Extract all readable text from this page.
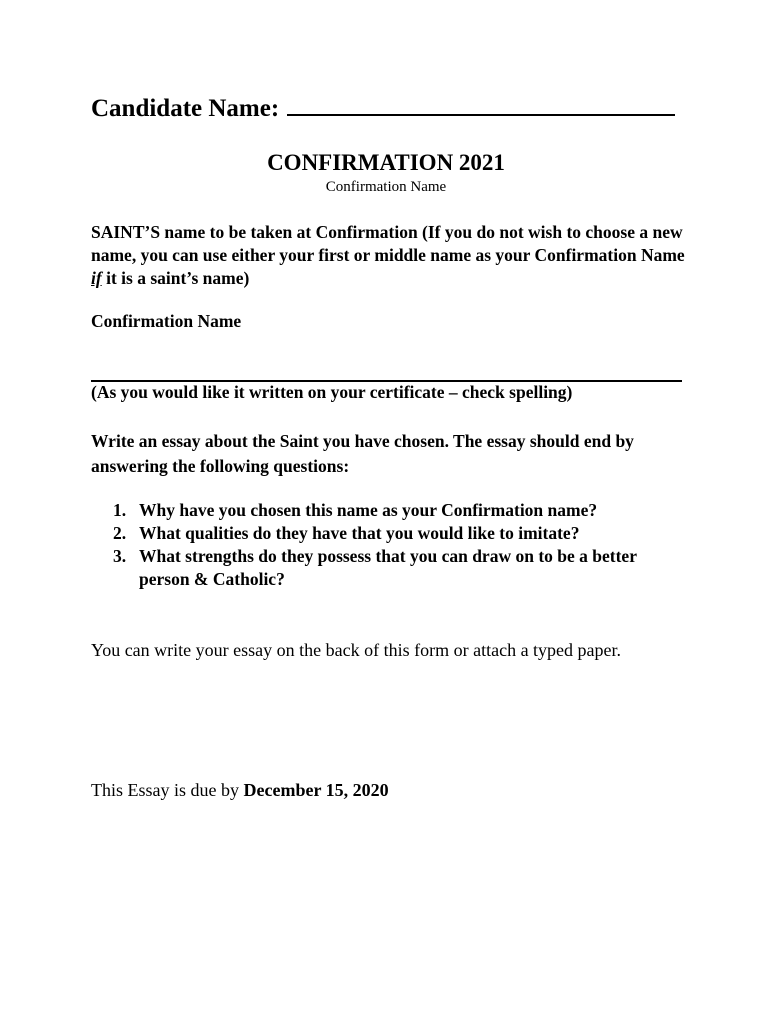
Candidate Name:
CONFIRMATION 2021
Confirmation Name
SAINT’S name to be taken at Confirmation (If you do not wish to choose a new name, you can use either your first or middle name as your Confirmation Name if it is a saint’s name)
Confirmation Name
(As you would like it written on your certificate – check spelling)
Write an essay about the Saint you have chosen. The essay should end by answering the following questions:
1. Why have you chosen this name as your Confirmation name?
2. What qualities do they have that you would like to imitate?
3. What strengths do they possess that you can draw on to be a better person & Catholic?
You can write your essay on the back of this form or attach a typed paper.
This Essay is due by December 15, 2020
